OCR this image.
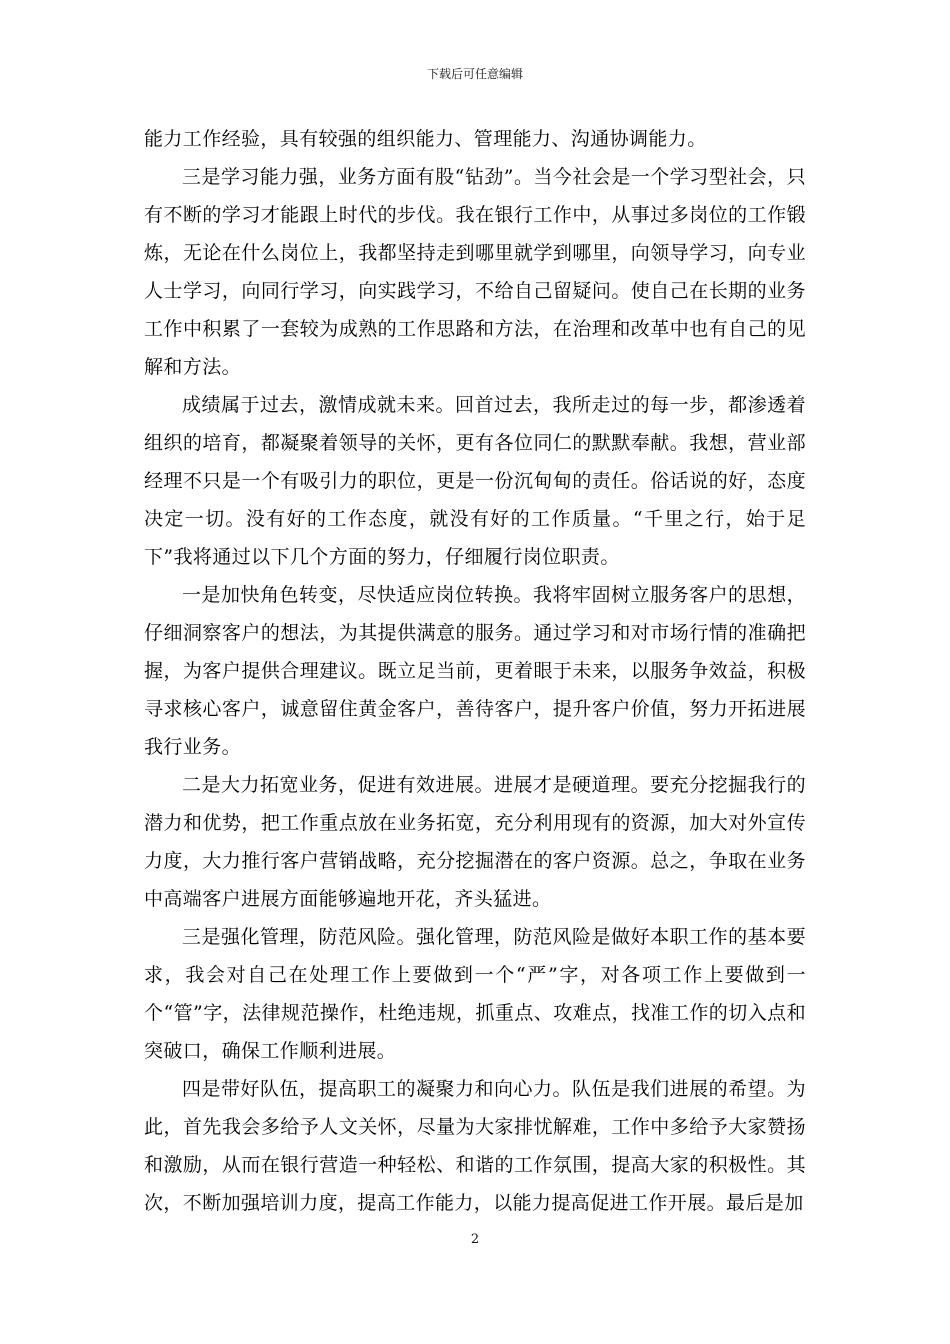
下载后可任意编辑

能力工作经验，具有较强的组织能力、管理能力、沟通协调能力。

三是学习能力强，业务方面有股“钻劲”。当今社会是一个学习型社会，只有不断的学习才能跟上时代的步伐。我在银行工作中，从事过多岗位的工作锻炼，无论在什么岗位上，我都坚持走到哪里就学到哪里，向领导学习，向专业人士学习，向同行学习，向实践学习，不给自己留疑问。使自己在长期的业务工作中积累了一套较为成熟的工作思路和方法，在治理和改革中也有自己的见解和方法。

成绩属于过去，激情成就未来。回首过去，我所走过的每一步，都渗透着组织的培育，都凝聚着领导的关怀，更有各位同仁的默默奉献。我想，营业部经理不只是一个有吸引力的职位，更是一份沉甸甸的责任。俗话说的好，态度决定一切。没有好的工作态度，就没有好的工作质量。“千里之行，始于足下”我将通过以下几个方面的努力，仔细履行岗位职责。

一是加快角色转变，尽快适应岗位转换。我将牢固树立服务客户的思想，仔细洞察客户的想法，为其提供满意的服务。通过学习和对市场行情的准确把握，为客户提供合理建议。既立足当前，更着眼于未来，以服务争效益，积极寻求核心客户，诚意留住黄金客户，善待客户，提升客户价值，努力开拓进展我行业务。

二是大力拓宽业务，促进有效进展。进展才是硬道理。要充分挖掘我行的潜力和优势，把工作重点放在业务拓宽，充分利用现有的资源，加大对外宣传力度，大力推行客户营销战略，充分挖掘潜在的客户资源。总之，争取在业务中高端客户进展方面能够遍地开花，齐头猛进。

三是强化管理，防范风险。强化管理，防范风险是做好本职工作的基本要求，我会对自己在处理工作上要做到一个“严”字，对各项工作上要做到一个“管”字，法律规范操作，杜绝违规，抓重点、攻难点，找准工作的切入点和突破口，确保工作顺利进展。

四是带好队伍，提高职工的凝聚力和向心力。队伍是我们进展的希望。为此，首先我会多给予人文关怀，尽量为大家排忧解难，工作中多给予大家赞扬和激励，从而在银行营造一种轻松、和谐的工作氛围，提高大家的积极性。其次，不断加强培训力度，提高工作能力，以能力提高促进工作开展。最后是加

2
